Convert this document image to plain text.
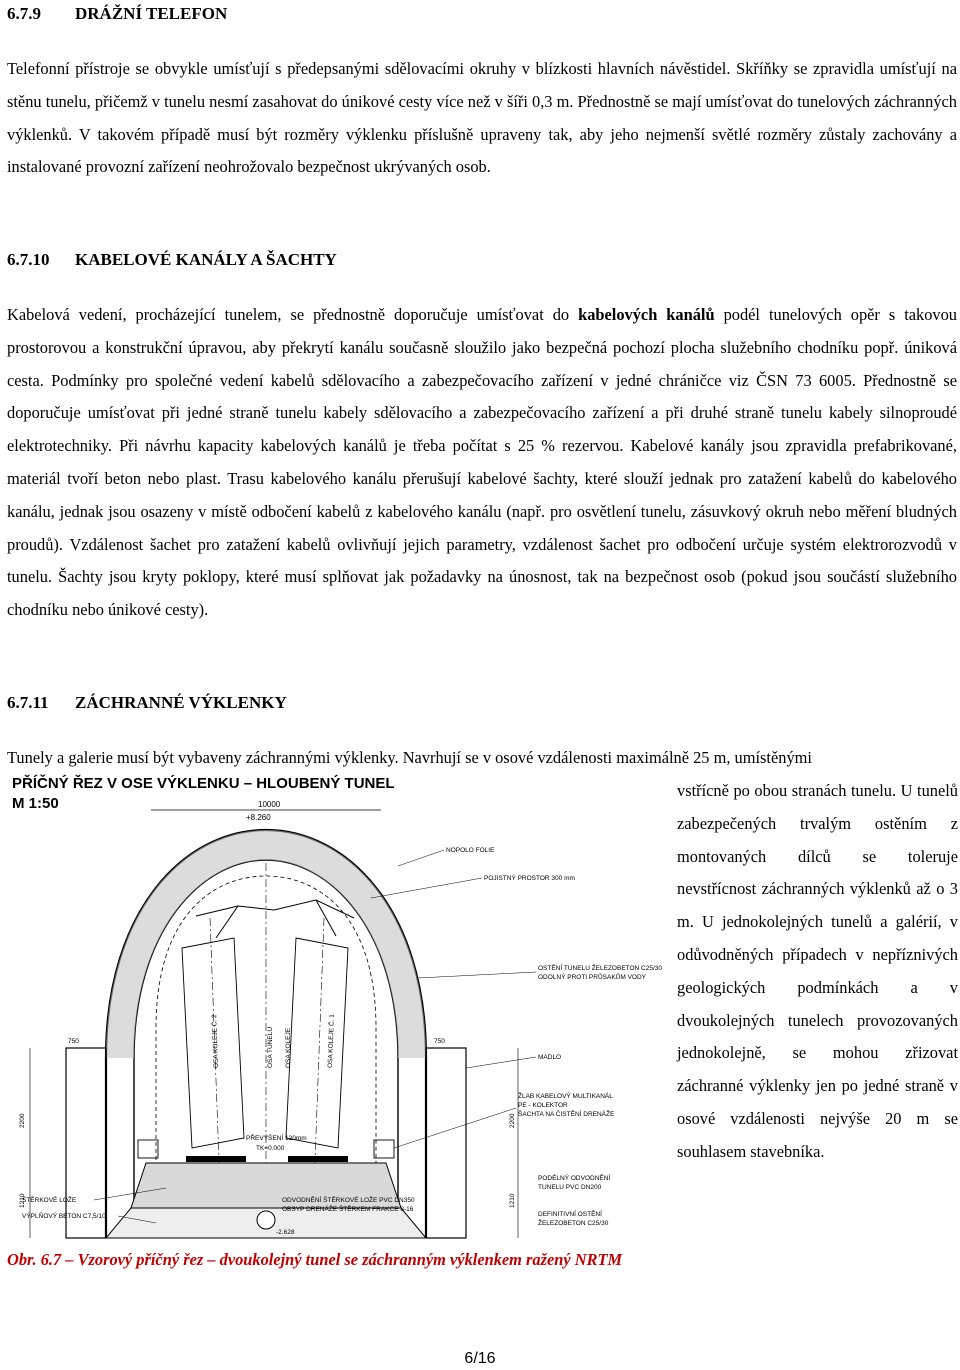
6.7.9 DRÁŽNÍ TELEFON

Telefonní přístroje se obvykle umísťují s předepsanými sdělovacími okruhy v blízkosti hlavních návěstidel. Skříňky se zpravidla umísťují na stěnu tunelu, přičemž v tunelu nesmí zasahovat do únikové cesty více než v šíři 0,3 m. Přednostně se mají umísťovat do tunelových záchranných výklenků. V takovém případě musí být rozměry výklenku příslušně upraveny tak, aby jeho nejmenší světlé rozměry zůstaly zachovány a instalované provozní zařízení neohrožovalo bezpečnost ukrývaných osob.

6.7.10 KABELOVÉ KANÁLY A ŠACHTY

Kabelová vedení, procházející tunelem, se přednostně doporučuje umísťovat do kabelových kanálů podél tunelových opěr s takovou prostorovou a konstrukční úpravou, aby překrytí kanálu současně sloužilo jako bezpečná pochozí plocha služebního chodníku popř. úniková cesta. Podmínky pro společné vedení kabelů sdělovacího a zabezpečovacího zařízení v jedné chráničce viz ČSN 73 6005. Přednostně se doporučuje umísťovat při jedné straně tunelu kabely sdělovacího a zabezpečovacího zařízení a při druhé straně tunelu kabely silnoproudé elektrotechniky. Při návrhu kapacity kabelových kanálů je třeba počítat s 25 % rezervou. Kabelové kanály jsou zpravidla prefabrikované, materiál tvoří beton nebo plast. Trasu kabelového kanálu přerušují kabelové šachty, které slouží jednak pro zatažení kabelů do kabelového kanálu, jednak jsou osazeny v místě odbočení kabelů z kabelového kanálu (např. pro osvětlení tunelu, zásuvkový okruh nebo měření bludných proudů). Vzdálenost šachet pro zatažení kabelů ovlivňují jejich parametry, vzdálenost šachet pro odbočení určuje systém elektrorozvodů v tunelu. Šachty jsou kryty poklopy, které musí splňovat jak požadavky na únosnost, tak na bezpečnost osob (pokud jsou součástí služebního chodníku nebo únikové cesty).

6.7.11 ZÁCHRANNÉ VÝKLENKY

Tunely a galerie musí být vybaveny záchrannými výklenky. Navrhují se v osové vzdálenosti maximálně 25 m, umístěnými

vstřícně po obou stranách tunelu. U tunelů zabezpečených trvalým ostěním z montovaných dílců se toleruje nevstřícnost záchranných výklenků až o 3 m. U jednokolejných tunelů a galérií, v odůvodněných případech v nepříznivých geologických podmínkách a v dvoukolejných tunelech provozovaných jednokolejně, se mohou zřizovat záchranné výklenky jen po jedné straně v osové vzdálenosti nejvýše 20 m se souhlasem stavebníka.

PŘÍČNÝ ŘEZ V OSE VÝKLENKU – HLOUBENÝ TUNEL
M 1:50	10000
+8.260
750	750
2200
1210
2200
1210
OSA KOLEJE Č. 2	OSA TUNELU OSA KOLEJE	OSA KOLEJE Č. 1
PŘEVÝŠENÍ 120mm
TK=0.000
-2.628
NOPOLO FOLIE
POJISTNÝ PROSTOR 300 mm
OSTĚNÍ TUNELU ŽELEZOBETON C25/30
ODOLNÝ PROTI PRŮSAKŮM VODY
MADLO
ŽLAB KABELOVÝ MULTIKANÁL
PE - KOLEKTOR
ŠACHTA NA ČISTĚNÍ DRENÁŽE
PODÉLNÝ ODVODNĚNÍ
TUNELU PVC DN200
DEFINITIVNÍ OSTĚNÍ
ŽELEZOBETON C25/30
ODVODNĚNÍ ŠTĚRKOVÉ LOŽE PVC DN350
OBSYP DRENÁŽE ŠTĚRKEM FRAKCE 8-16
ŠTĚRKOVÉ LOŽE
VÝPLŇOVÝ BETON C7,5/10

Obr. 6.7 – Vzorový příčný řez – dvoukolejný tunel se záchranným výklenkem ražený NRTM

6/16
